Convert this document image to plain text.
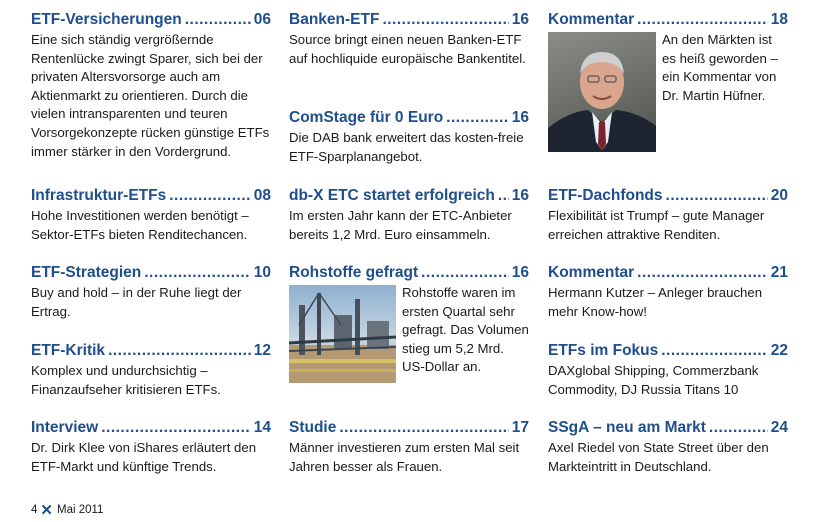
ETF-Versicherungen .....	06
Eine sich ständig vergrößernde Rentenlücke zwingt Sparer, sich bei der privaten Altersvorsorge auch am Aktienmarkt zu orientieren. Durch die vielen intransparenten und teuren Vorsorgekonzepte rücken günstige ETFs immer stärker in den Vordergrund.
Infrastruktur-ETFs .....	08
Hohe Investitionen werden benötigt – Sektor-ETFs bieten Renditechancen.
ETF-Strategien .....	10
Buy and hold – in der Ruhe liegt der Ertrag.
ETF-Kritik .....	12
Komplex und undurchsichtig – Finanzaufseher kritisieren ETFs.
Interview .....	14
Dr. Dirk Klee von iShares erläutert den ETF-Markt und künftige Trends.
Banken-ETF .....	16
Source bringt einen neuen Banken-ETF auf hochliquide europäische Bankentitel.
ComStage für 0 Euro .....	16
Die DAB bank erweitert das kosten-freie ETF-Sparplanangebot.
db-X ETC startet erfolgreich ..... 16
Im ersten Jahr kann der ETC-Anbieter bereits 1,2 Mrd. Euro einsammeln.
Rohstoffe gefragt .....	16
Rohstoffe waren im ersten Quartal sehr gefragt. Das Volumen stieg um 5,2 Mrd. US-Dollar an.
Studie .....	17
Männer investieren zum ersten Mal seit Jahren besser als Frauen.
Kommentar .....	18
An den Märkten ist es heiß geworden – ein Kommentar von Dr. Martin Hüfner.
ETF-Dachfonds .....	20
Flexibilität ist Trumpf – gute Manager erreichen attraktive Renditen.
Kommentar .....	21
Hermann Kutzer – Anleger brauchen mehr Know-how!
ETFs im Fokus .....	22
DAXglobal Shipping, Commerzbank Commodity, DJ Russia Titans 10
SSgA – neu am Markt .....	24
Axel Riedel von State Street über den Markteintritt in Deutschland.
4 ✕ Mai 2011
